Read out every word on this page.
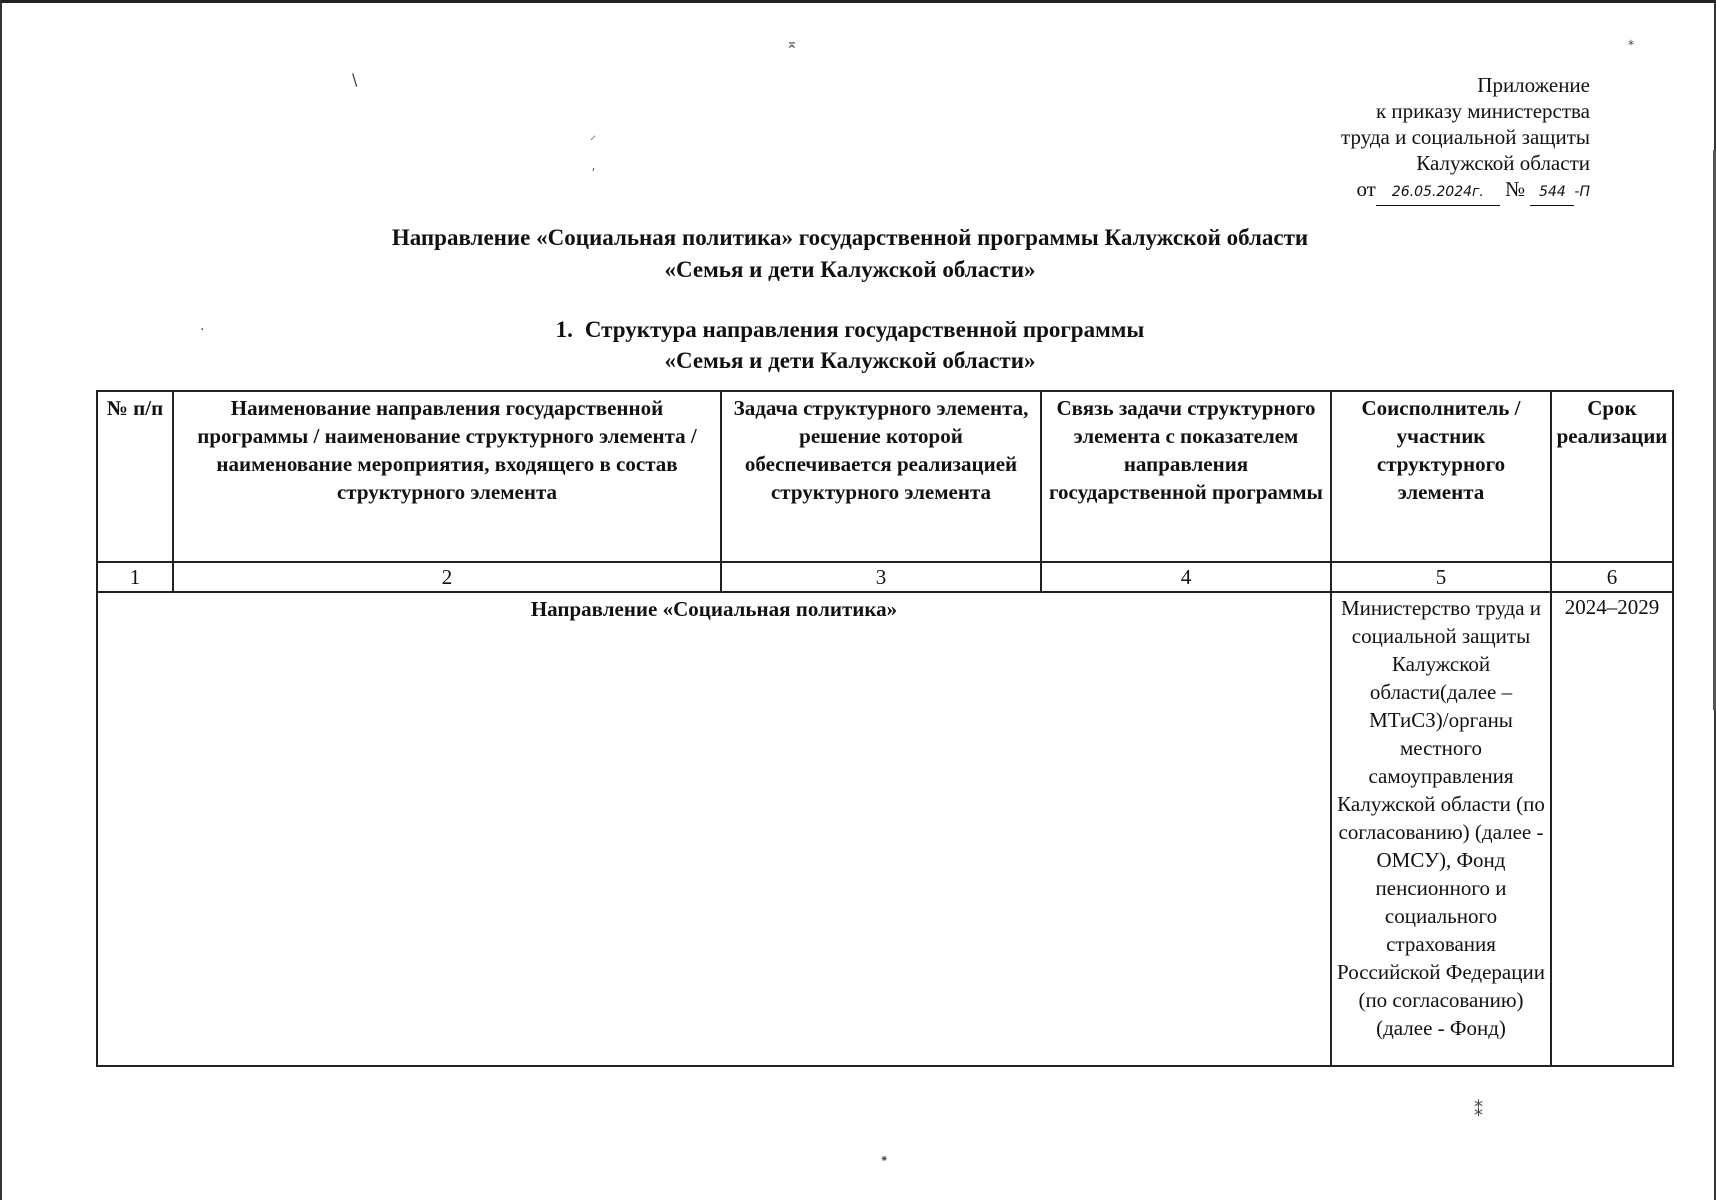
Приложение
к приказу министерства
труда и социальной защиты
Калужской области
от 26.05.2024г. № 544 -П
Направление «Социальная политика» государственной программы Калужской области
«Семья и дети Калужской области»
1. Структура направления государственной программы
«Семья и дети Калужской области»
№ п/п	Наименование направления государственной программы / наименование структурного элемента / наименование мероприятия, входящего в состав структурного элемента	Задача структурного элемента, решение которой обеспечивается реализацией структурного элемента	Связь задачи структурного элемента с показателем направления государственной программы	Соисполнитель / участник структурного элемента	Срок реализации
1	2	3	4	5	6
Направление «Социальная политика»				Министерство труда и социальной защиты Калужской области(далее – МТиСЗ)/органы местного самоуправления Калужской области (по согласованию) (далее - ОМСУ), Фонд пенсионного и социального страхования Российской Федерации (по согласованию) (далее - Фонд)	2024–2029
⌅
\
⸝
⸴
⁎
⁑
⁕
·
